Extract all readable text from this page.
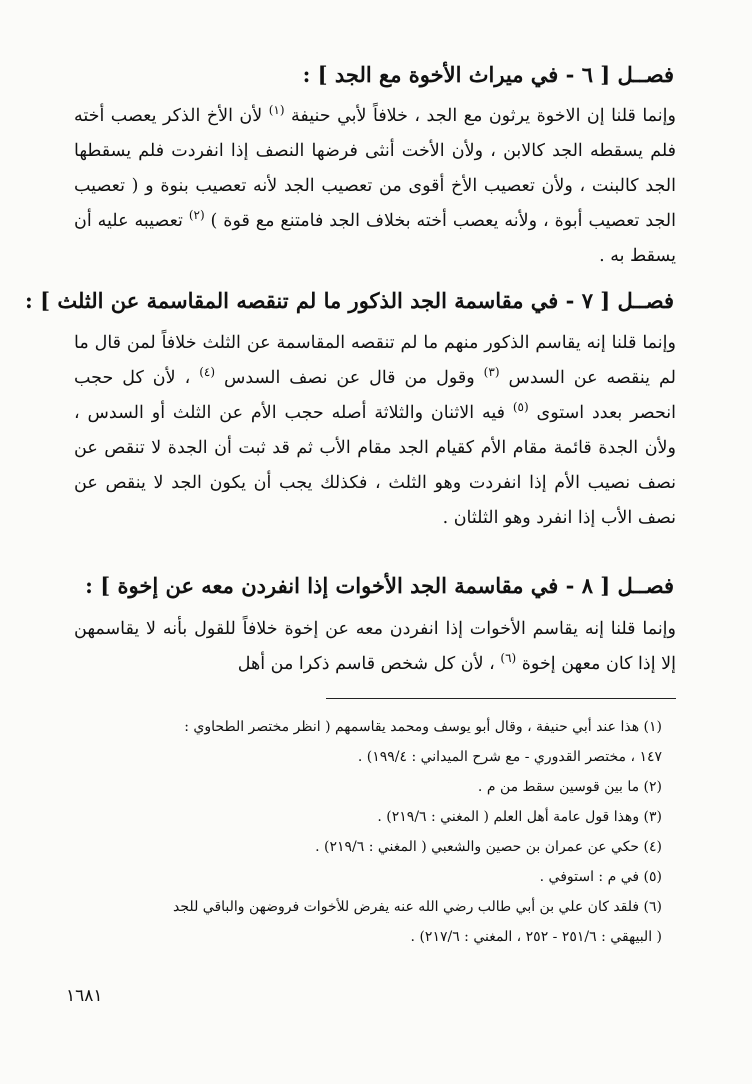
فصــل [ ٦ - في ميراث الأخوة مع الجد ] :

وإنما قلنا إن الاخوة يرثون مع الجد ، خلافاً لأبي حنيفة $^{(١)}$ لأن الأخ الذكر يعصب أخته فلم يسقطه الجد كالابن ، ولأن الأخت أنثى فرضها النصف إذا انفردت فلم يسقطها الجد كالبنت ، ولأن تعصيب الأخ أقوى من تعصيب الجد لأنه تعصيب بنوة و ( تعصيب الجد تعصيب أبوة ، ولأنه يعصب أخته بخلاف الجد فامتنع مع قوة ) $^{(٢)}$ تعصيبه عليه أن يسقط به .

فصــل [ ٧ - في مقاسمة الجد الذكور ما لم تنقصه المقاسمة عن الثلث ] :

وإنما قلنا إنه يقاسم الذكور منهم ما لم تنقصه المقاسمة عن الثلث خلافاً لمن قال ما لم ينقصه عن السدس $^{(٣)}$ وقول من قال عن نصف السدس $^{(٤)}$ ، لأن كل حجب انحصر بعدد استوى $^{(٥)}$ فيه الاثنان والثلاثة أصله حجب الأم عن الثلث أو السدس ، ولأن الجدة قائمة مقام الأم كقيام الجد مقام الأب ثم قد ثبت أن الجدة لا تنقص عن نصف نصيب الأم إذا انفردت وهو الثلث ، فكذلك يجب أن يكون الجد لا ينقص عن نصف الأب إذا انفرد وهو الثلثان .

فصــل [ ٨ - في مقاسمة الجد الأخوات إذا انفردن معه عن إخوة ] :

وإنما قلنا إنه يقاسم الأخوات إذا انفردن معه عن إخوة خلافاً للقول بأنه لا يقاسمهن إلا إذا كان معهن إخوة $^{(٦)}$ ، لأن كل شخص قاسم ذكرا من أهل

(١) هذا عند أبي حنيفة ، وقال أبو يوسف ومحمد يقاسمهم ( انظر مختصر الطحاوي :
١٤٧ ، مختصر القدوري - مع شرح الميداني : ١٩٩/٤) .
(٢) ما بين قوسين سقط من م .
(٣) وهذا قول عامة أهل العلم ( المغني : ٢١٩/٦) .
(٤) حكي عن عمران بن حصين والشعبي ( المغني : ٢١٩/٦) .
(٥) في م : استوفي .
(٦) فلقد كان علي بن أبي طالب رضي الله عنه يفرض للأخوات فروضهن والباقي للجد
( البيهقي : ٢٥١/٦ - ٢٥٢ ، المغني : ٢١٧/٦) .
١٦٨١
